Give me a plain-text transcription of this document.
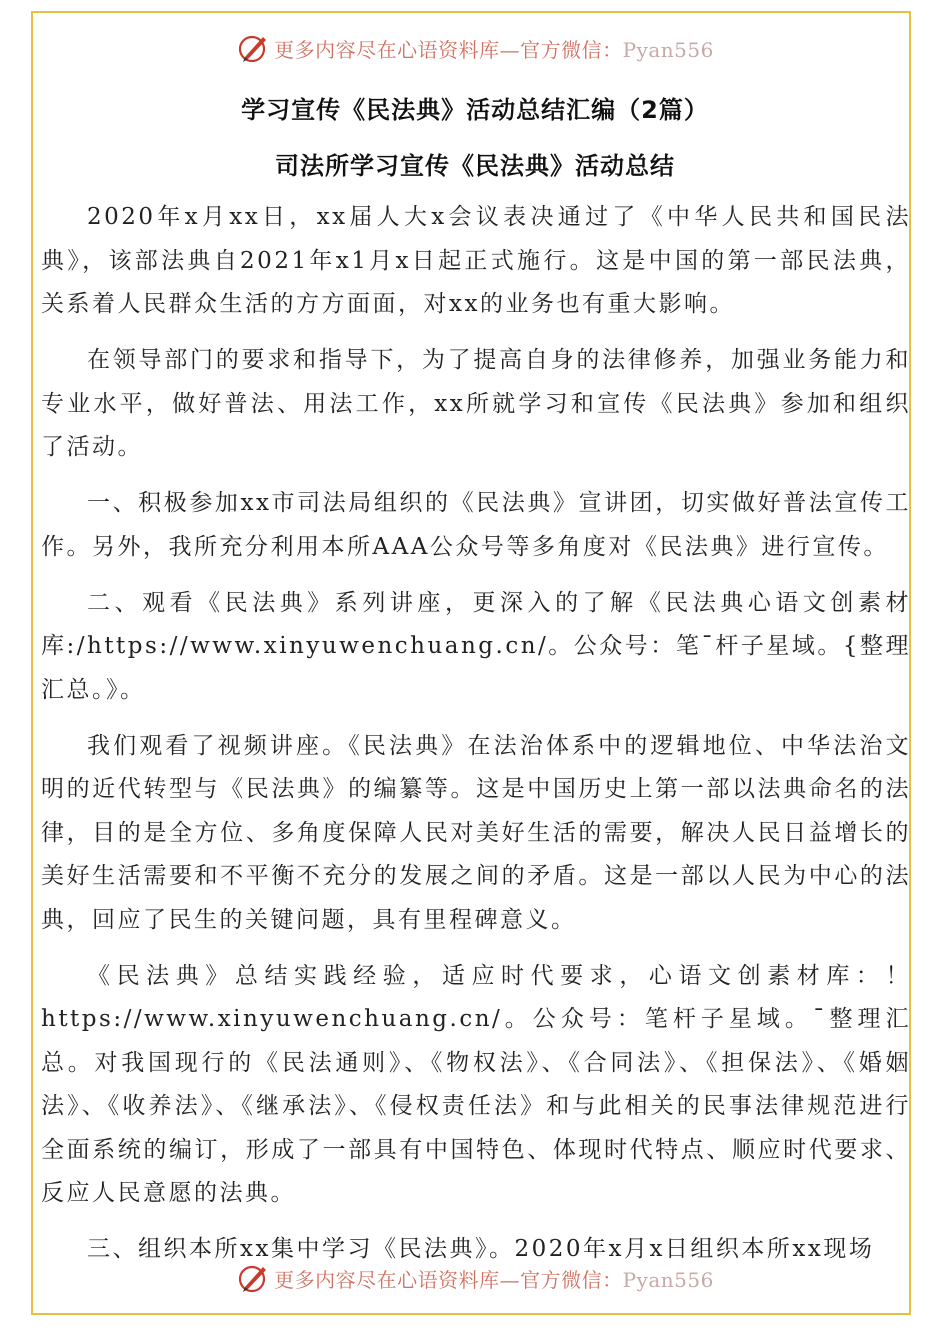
更多内容尽在心语资料库—官方微信：Pyan556
学习宣传《民法典》活动总结汇编（2篇）
司法所学习宣传《民法典》活动总结

2020年x月xx日，xx届人大x会议表决通过了《中华人民共和国民法典》，该部法典自2021年x1月x日起正式施行。这是中国的第一部民法典，关系着人民群众生活的方方面面，对xx的业务也有重大影响。

在领导部门的要求和指导下，为了提高自身的法律修养，加强业务能力和专业水平，做好普法、用法工作，xx所就学习和宣传《民法典》参加和组织了活动。

一、积极参加xx市司法局组织的《民法典》宣讲团，切实做好普法宣传工作。另外，我所充分利用本所AAA公众号等多角度对《民法典》进行宣传。

二、观看《民法典》系列讲座，更深入的了解《民法典心语文创素材库:/https://www.xinyuwenchuang.cn/。公众号：笔¯杆子星域。{整理汇总。》。

我们观看了视频讲座。《民法典》在法治体系中的逻辑地位、中华法治文明的近代转型与《民法典》的编纂等。这是中国历史上第一部以法典命名的法律，目的是全方位、多角度保障人民对美好生活的需要，解决人民日益增长的美好生活需要和不平衡不充分的发展之间的矛盾。这是一部以人民为中心的法典，回应了民生的关键问题，具有里程碑意义。

《民法典》总结实践经验，适应时代要求，心语文创素材库：！https://www.xinyuwenchuang.cn/。公众号：笔杆子星域。¯整理汇总。对我国现行的《民法通则》、《物权法》、《合同法》、《担保法》、《婚姻法》、《收养法》、《继承法》、《侵权责任法》和与此相关的民事法律规范进行全面系统的编订，形成了一部具有中国特色、体现时代特点、顺应时代要求、反应人民意愿的法典。

三、组织本所xx集中学习《民法典》。2020年x月x日组织本所xx现场

更多内容尽在心语资料库—官方微信：Pyan556
